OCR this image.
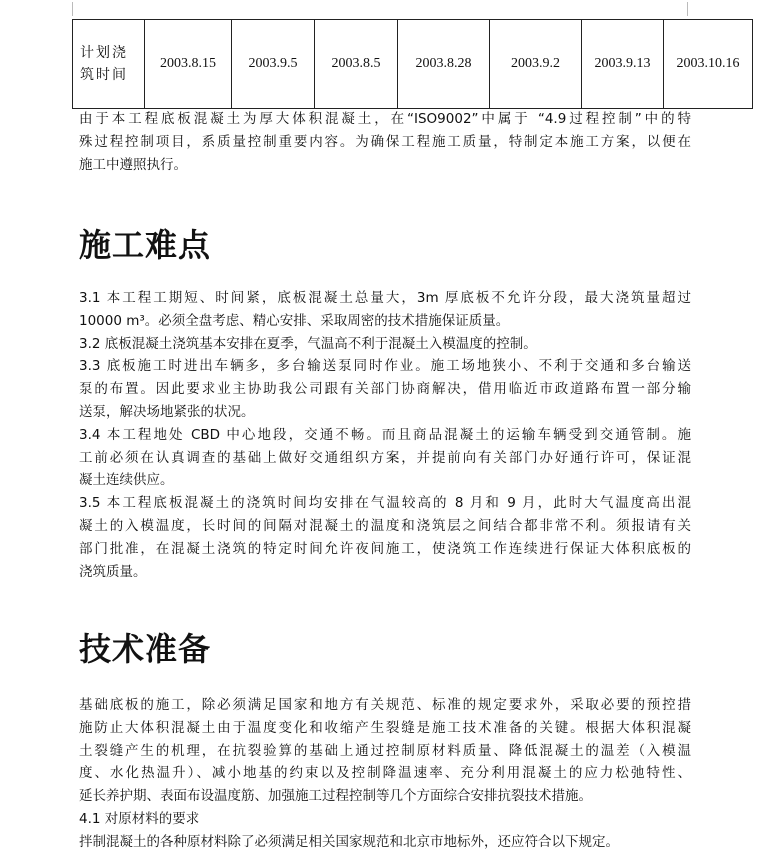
计划浇筑时间	2003.8.15	2003.9.5	2003.8.5	2003.8.28	2003.9.2	2003.9.13	2003.10.16

由于本工程底板混凝土为厚大体积混凝土，在“ISO9002”中属于 “4.9过程控制”中的特
殊过程控制项目，系质量控制重要内容。为确保工程施工质量，特制定本施工方案，以便在
施工中遵照执行。

施工难点

3.1 本工程工期短、时间紧，底板混凝土总量大，3m 厚底板不允许分段，最大浇筑量超过
10000 m³。必须全盘考虑、精心安排、采取周密的技术措施保证质量。
3.2 底板混凝土浇筑基本安排在夏季，气温高不利于混凝土入模温度的控制。
3.3 底板施工时进出车辆多，多台输送泵同时作业。施工场地狭小、不利于交通和多台输送
泵的布置。因此要求业主协助我公司跟有关部门协商解决，借用临近市政道路布置一部分输
送泵，解决场地紧张的状况。
3.4 本工程地处 CBD 中心地段，交通不畅。而且商品混凝土的运输车辆受到交通管制。施
工前必须在认真调查的基础上做好交通组织方案，并提前向有关部门办好通行许可，保证混
凝土连续供应。
3.5 本工程底板混凝土的浇筑时间均安排在气温较高的 8 月和 9 月，此时大气温度高出混
凝土的入模温度，长时间的间隔对混凝土的温度和浇筑层之间结合都非常不利。须报请有关
部门批准，在混凝土浇筑的特定时间允许夜间施工，使浇筑工作连续进行保证大体积底板的
浇筑质量。

技术准备

基础底板的施工，除必须满足国家和地方有关规范、标准的规定要求外，采取必要的预控措
施防止大体积混凝土由于温度变化和收缩产生裂缝是施工技术准备的关键。根据大体积混凝
土裂缝产生的机理，在抗裂验算的基础上通过控制原材料质量、降低混凝土的温差（入模温
度、水化热温升）、减小地基的约束以及控制降温速率、充分利用混凝土的应力松弛特性、
延长养护期、表面布设温度筋、加强施工过程控制等几个方面综合安排抗裂技术措施。
4.1 对原材料的要求
拌制混凝土的各种原材料除了必须满足相关国家规范和北京市地标外，还应符合以下规定。
